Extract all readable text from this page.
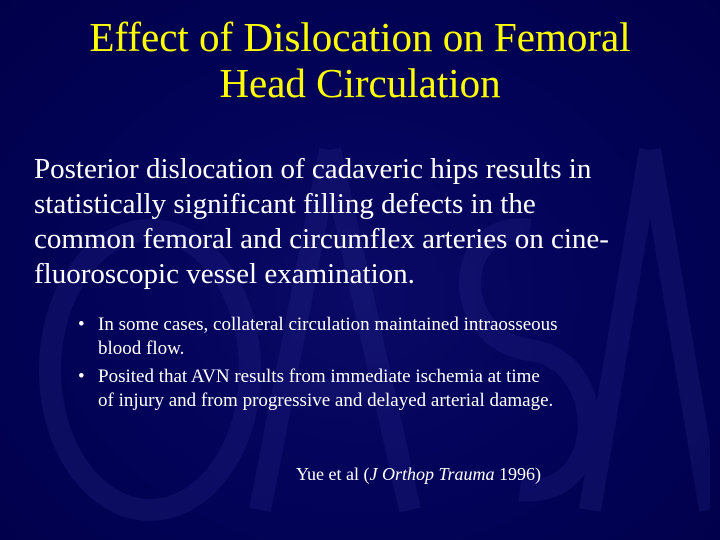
Effect of Dislocation on Femoral
Head Circulation
Posterior dislocation of cadaveric hips results in
statistically significant filling defects in the
common femoral and circumflex arteries on cine-
fluoroscopic vessel examination.
• In some cases, collateral circulation maintained intraosseous
blood flow.
• Posited that AVN results from immediate ischemia at time
of injury and from progressive and delayed arterial damage.
Yue et al (J Orthop Trauma 1996)
